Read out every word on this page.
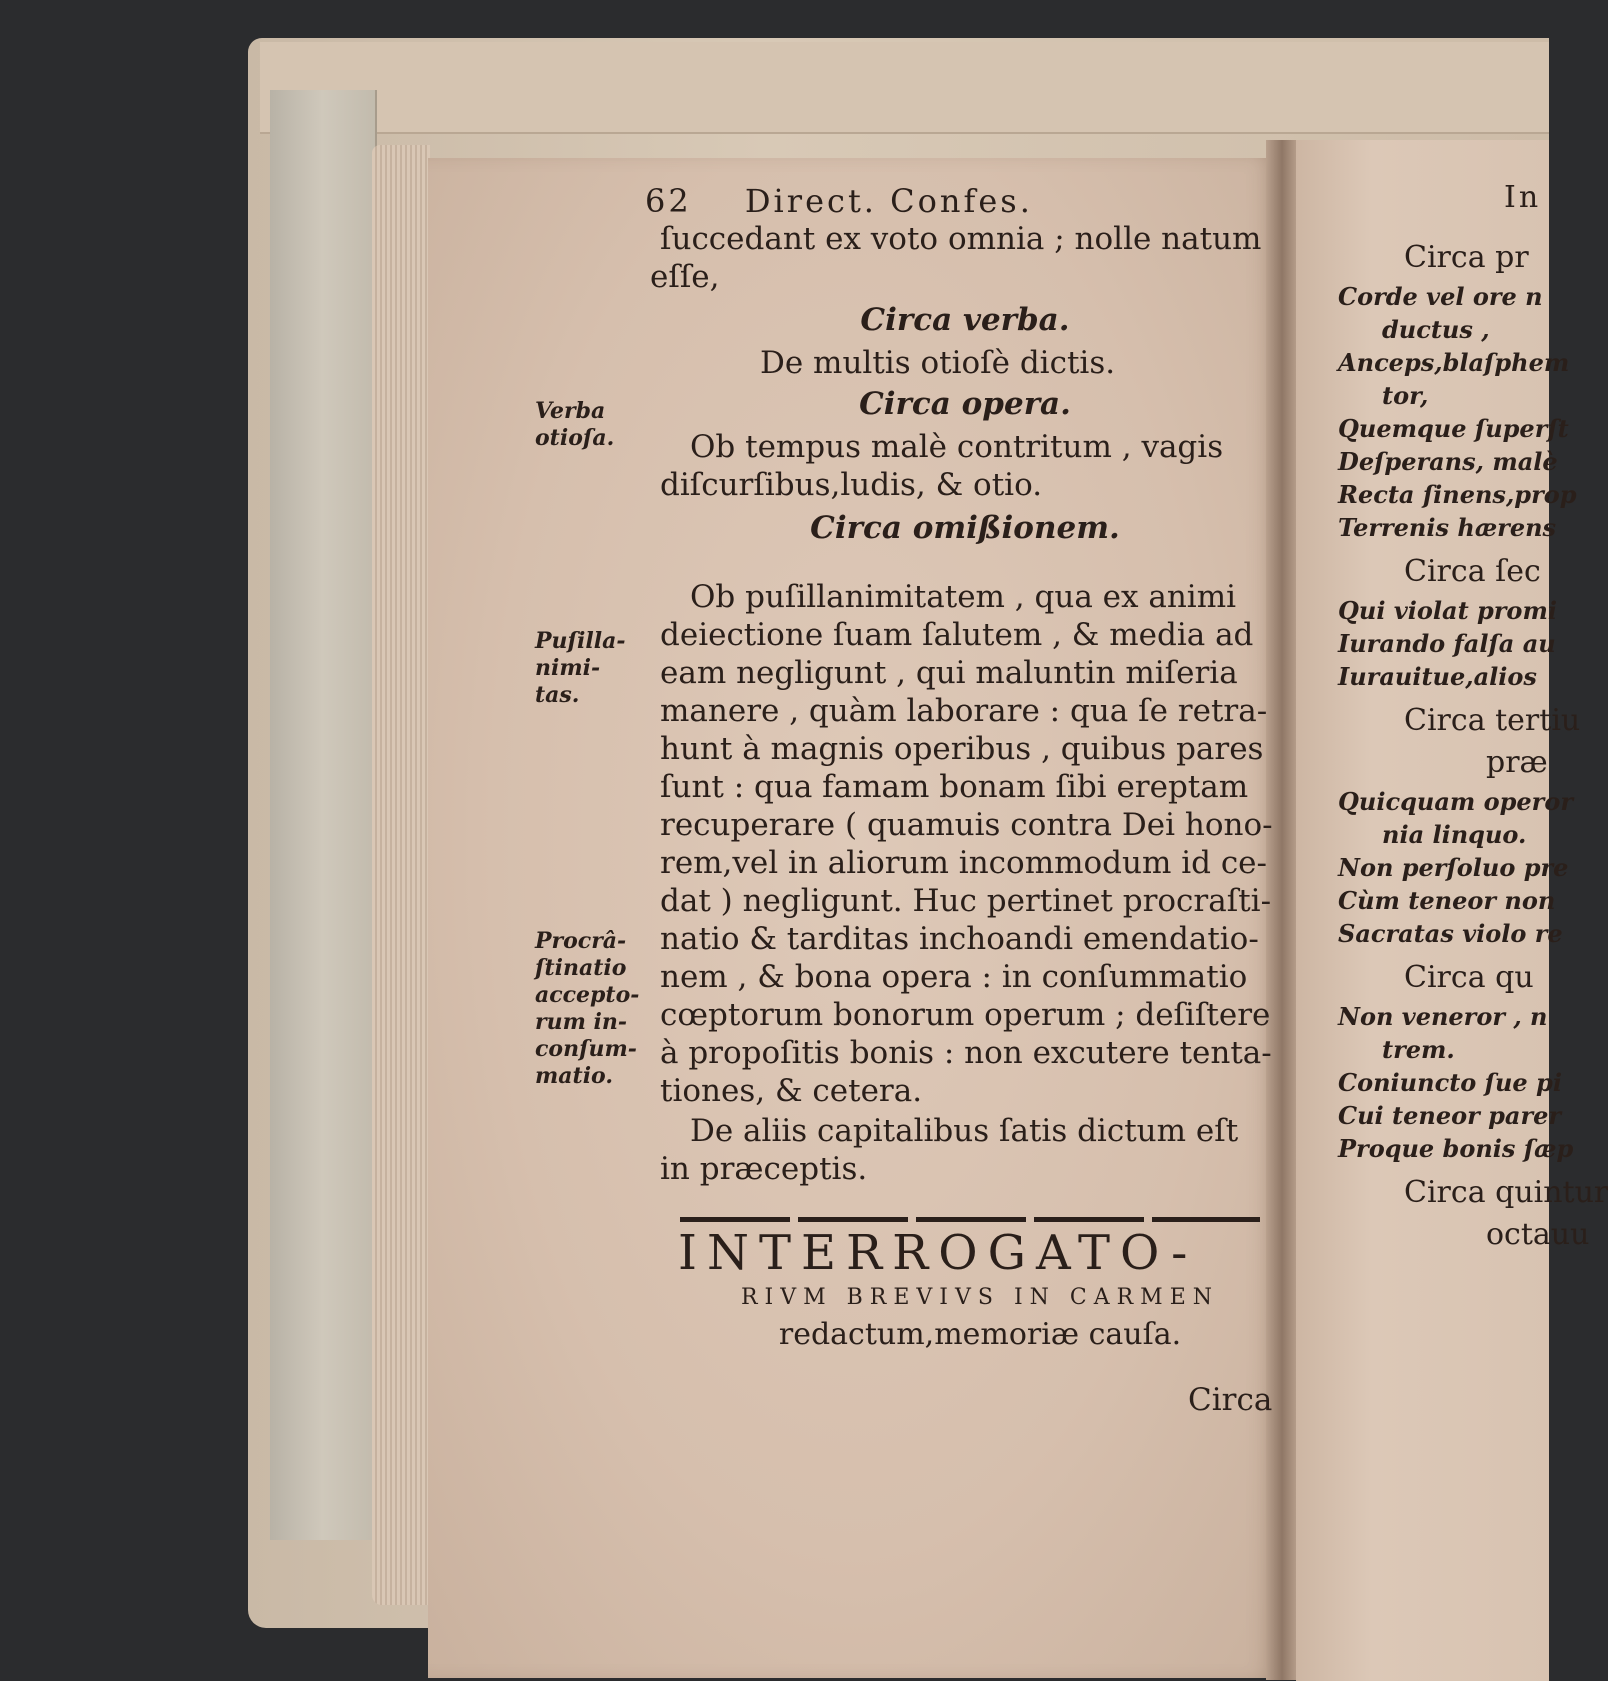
62 Direct. Confes.
ſuccedant ex voto omnia ; nolle natum
eſſe,
Circa verba.
De multis otioſè dictis.
Circa opera.
Ob tempus malè contritum , vagis
diſcurſibus,ludis, & otio.
Circa omißionem.
Ob puſillanimitatem , qua ex animi
deiectione ſuam ſalutem , & media ad
eam negligunt , qui maluntin miſeria
manere , quàm laborare : qua ſe retra-
hunt à magnis operibus , quibus pares
ſunt : qua famam bonam ſibi ereptam
recuperare ( quamuis contra Dei hono-
rem,vel in aliorum incommodum id ce-
dat ) negligunt. Huc pertinet procraſti-
natio & tarditas inchoandi emendatio-
nem , & bona opera : in conſummatio
cœptorum bonorum operum ; deſiſtere
à propoſitis bonis : non excutere tenta-
tiones, & cetera.
De aliis capitalibus ſatis dictum eſt
in præceptis.
Verba
otioſa.
Puſilla-
nimi-
tas.
Procrâ-
ſtinatio
accepto-
rum in-
conſum-
matio.
INTERROGATO-
RIVM BREVIVS IN CARMEN
redactum,memoriæ cauſa.
Circa
In
Circa pr
Corde vel ore n
ductus ,
Anceps,blaſphem
tor,
Quemque ſuperſt
Deſperans, malè
Recta ſinens,prop
Terrenis hærens
Circa ſec
Qui violat promi
Iurando falſa au
Iurauitue,alios
Circa tertiu
præ
Quicquam operor
nia linquo.
Non perſoluo pre
Cùm teneor non
Sacratas violo re
Circa qu
Non veneror , n
trem.
Coniuncto ſue pi
Cui teneor parer
Proque bonis ſæp
Circa quintur
octauu
